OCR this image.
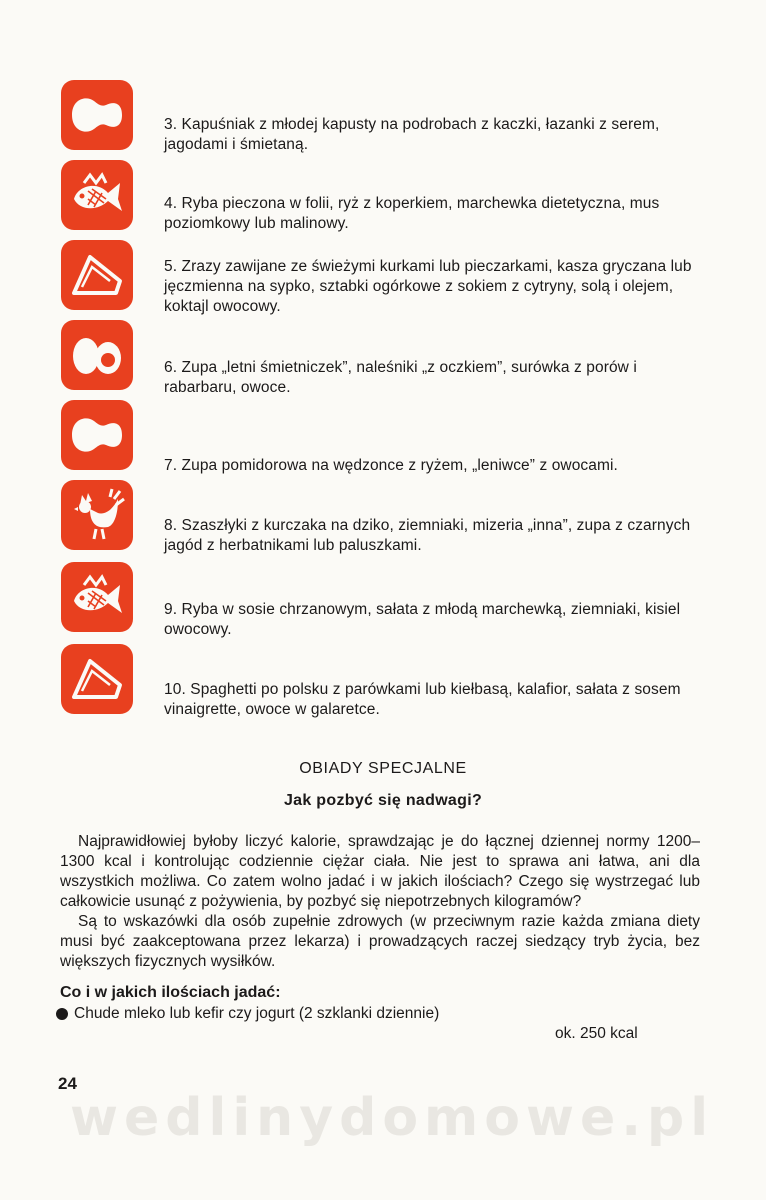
3. Kapuśniak z młodej kapusty na podrobach z kaczki, łazanki z serem, jagodami i śmietaną.
4. Ryba pieczona w folii, ryż z koperkiem, marchewka dietetyczna, mus poziomkowy lub malinowy.
5. Zrazy zawijane ze świeżymi kurkami lub pieczarkami, kasza gryczana lub jęczmienna na sypko, sztabki ogórkowe z sokiem z cytryny, solą i olejem, koktajl owocowy.
6. Zupa „letni śmietniczek”, naleśniki „z oczkiem”, surówka z porów i rabarbaru, owoce.
7. Zupa pomidorowa na wędzonce z ryżem, „leniwce” z owocami.
8. Szaszłyki z kurczaka na dziko, ziemniaki, mizeria „inna”, zupa z czarnych jagód z herbatnikami lub paluszkami.
9. Ryba w sosie chrzanowym, sałata z młodą marchewką, ziemniaki, kisiel owocowy.
10. Spaghetti po polsku z parówkami lub kiełbasą, kalafior, sałata z sosem vinaigrette, owoce w galaretce.
OBIADY SPECJALNE
Jak pozbyć się nadwagi?

Najprawidłowiej byłoby liczyć kalorie, sprawdzając je do łącznej dziennej normy 1200–1300 kcal i kontrolując codziennie ciężar ciała. Nie jest to sprawa ani łatwa, ani dla wszystkich możliwa. Co zatem wolno jadać i w jakich ilościach? Czego się wystrzegać lub całkowicie usunąć z pożywienia, by pozbyć się niepotrzebnych kilogramów?

Są to wskazówki dla osób zupełnie zdrowych (w przeciwnym razie każda zmiana diety musi być zaakceptowana przez lekarza) i prowadzących raczej siedzący tryb życia, bez większych fizycznych wysiłków.

Co i w jakich ilościach jadać:
Chude mleko lub kefir czy jogurt (2 szklanki dziennie)
ok. 250 kcal
24
wedlinydomowe.pl
